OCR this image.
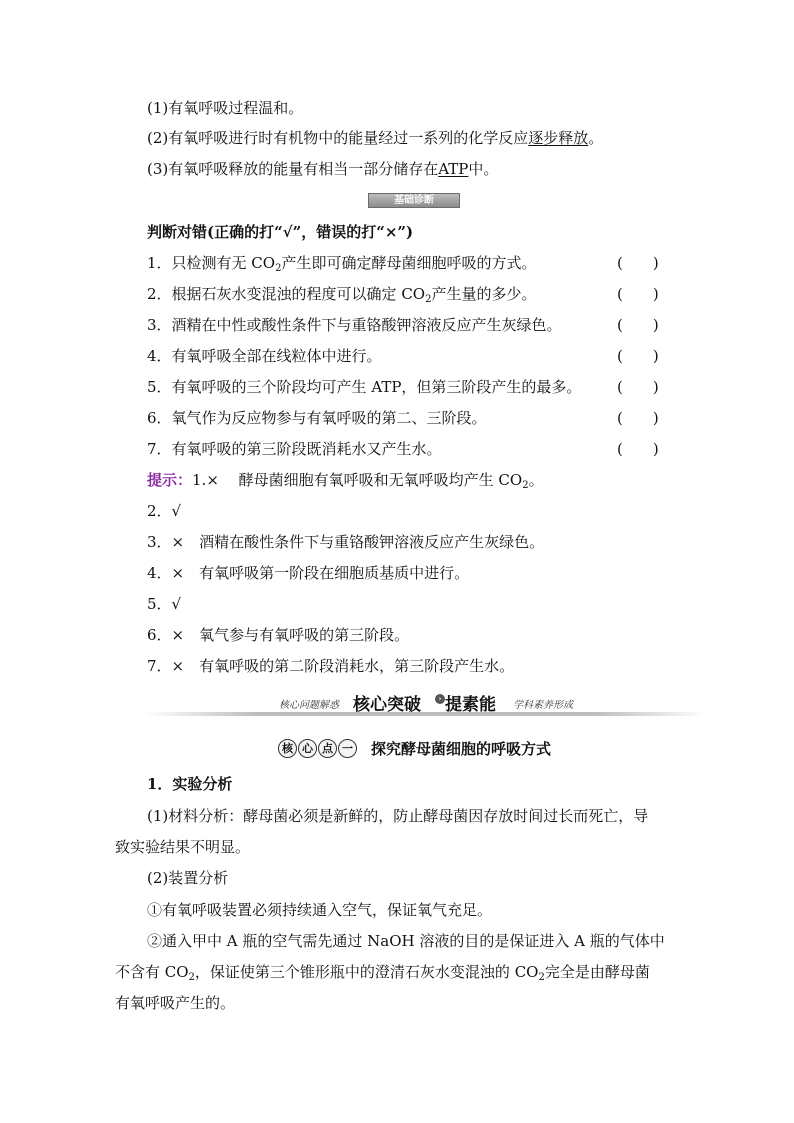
(1)有氧呼吸过程温和。
(2)有氧呼吸进行时有机物中的能量经过一系列的化学反应逐步释放。
(3)有氧呼吸释放的能量有相当一部分储存在ATP中。
基础诊断
判断对错(正确的打“√”，错误的打“×”)
1．只检测有无 $CO_2$产生即可确定酵母菌细胞呼吸的方式。	(　　)
2．根据石灰水变混浊的程度可以确定 $CO_2$产生量的多少。	(　　)
3．酒精在中性或酸性条件下与重铬酸钾溶液反应产生灰绿色。	(　　)
4．有氧呼吸全部在线粒体中进行。	(　　)
5．有氧呼吸的三个阶段均可产生 ATP，但第三阶段产生的最多。 (　　)
6．氧气作为反应物参与有氧呼吸的第二、三阶段。	(　　)
7．有氧呼吸的第三阶段既消耗水又产生水。	(　　)
提示：1.×　 酵母菌细胞有氧呼吸和无氧呼吸均产生 $CO_2$。
2．√
3．×　酒精在酸性条件下与重铬酸钾溶液反应产生灰绿色。
4．×　有氧呼吸第一阶段在细胞质基质中进行。
5．√
6．×　氧气参与有氧呼吸的第三阶段。
7．×　有氧呼吸的第二阶段消耗水，第三阶段产生水。
核心问题解惑 核心突破	› 提素能 学科素养形成
核 心 点 一 探究酵母菌细胞的呼吸方式
1．实验分析
(1)材料分析：酵母菌必须是新鲜的，防止酵母菌因存放时间过长而死亡，导
致实验结果不明显。
(2)装置分析
①有氧呼吸装置必须持续通入空气，保证氧气充足。
②通入甲中 A 瓶的空气需先通过 NaOH 溶液的目的是保证进入 A 瓶的气体中
不含有 $CO_2$，保证使第三个锥形瓶中的澄清石灰水变混浊的 $CO_2$完全是由酵母菌
有氧呼吸产生的。
